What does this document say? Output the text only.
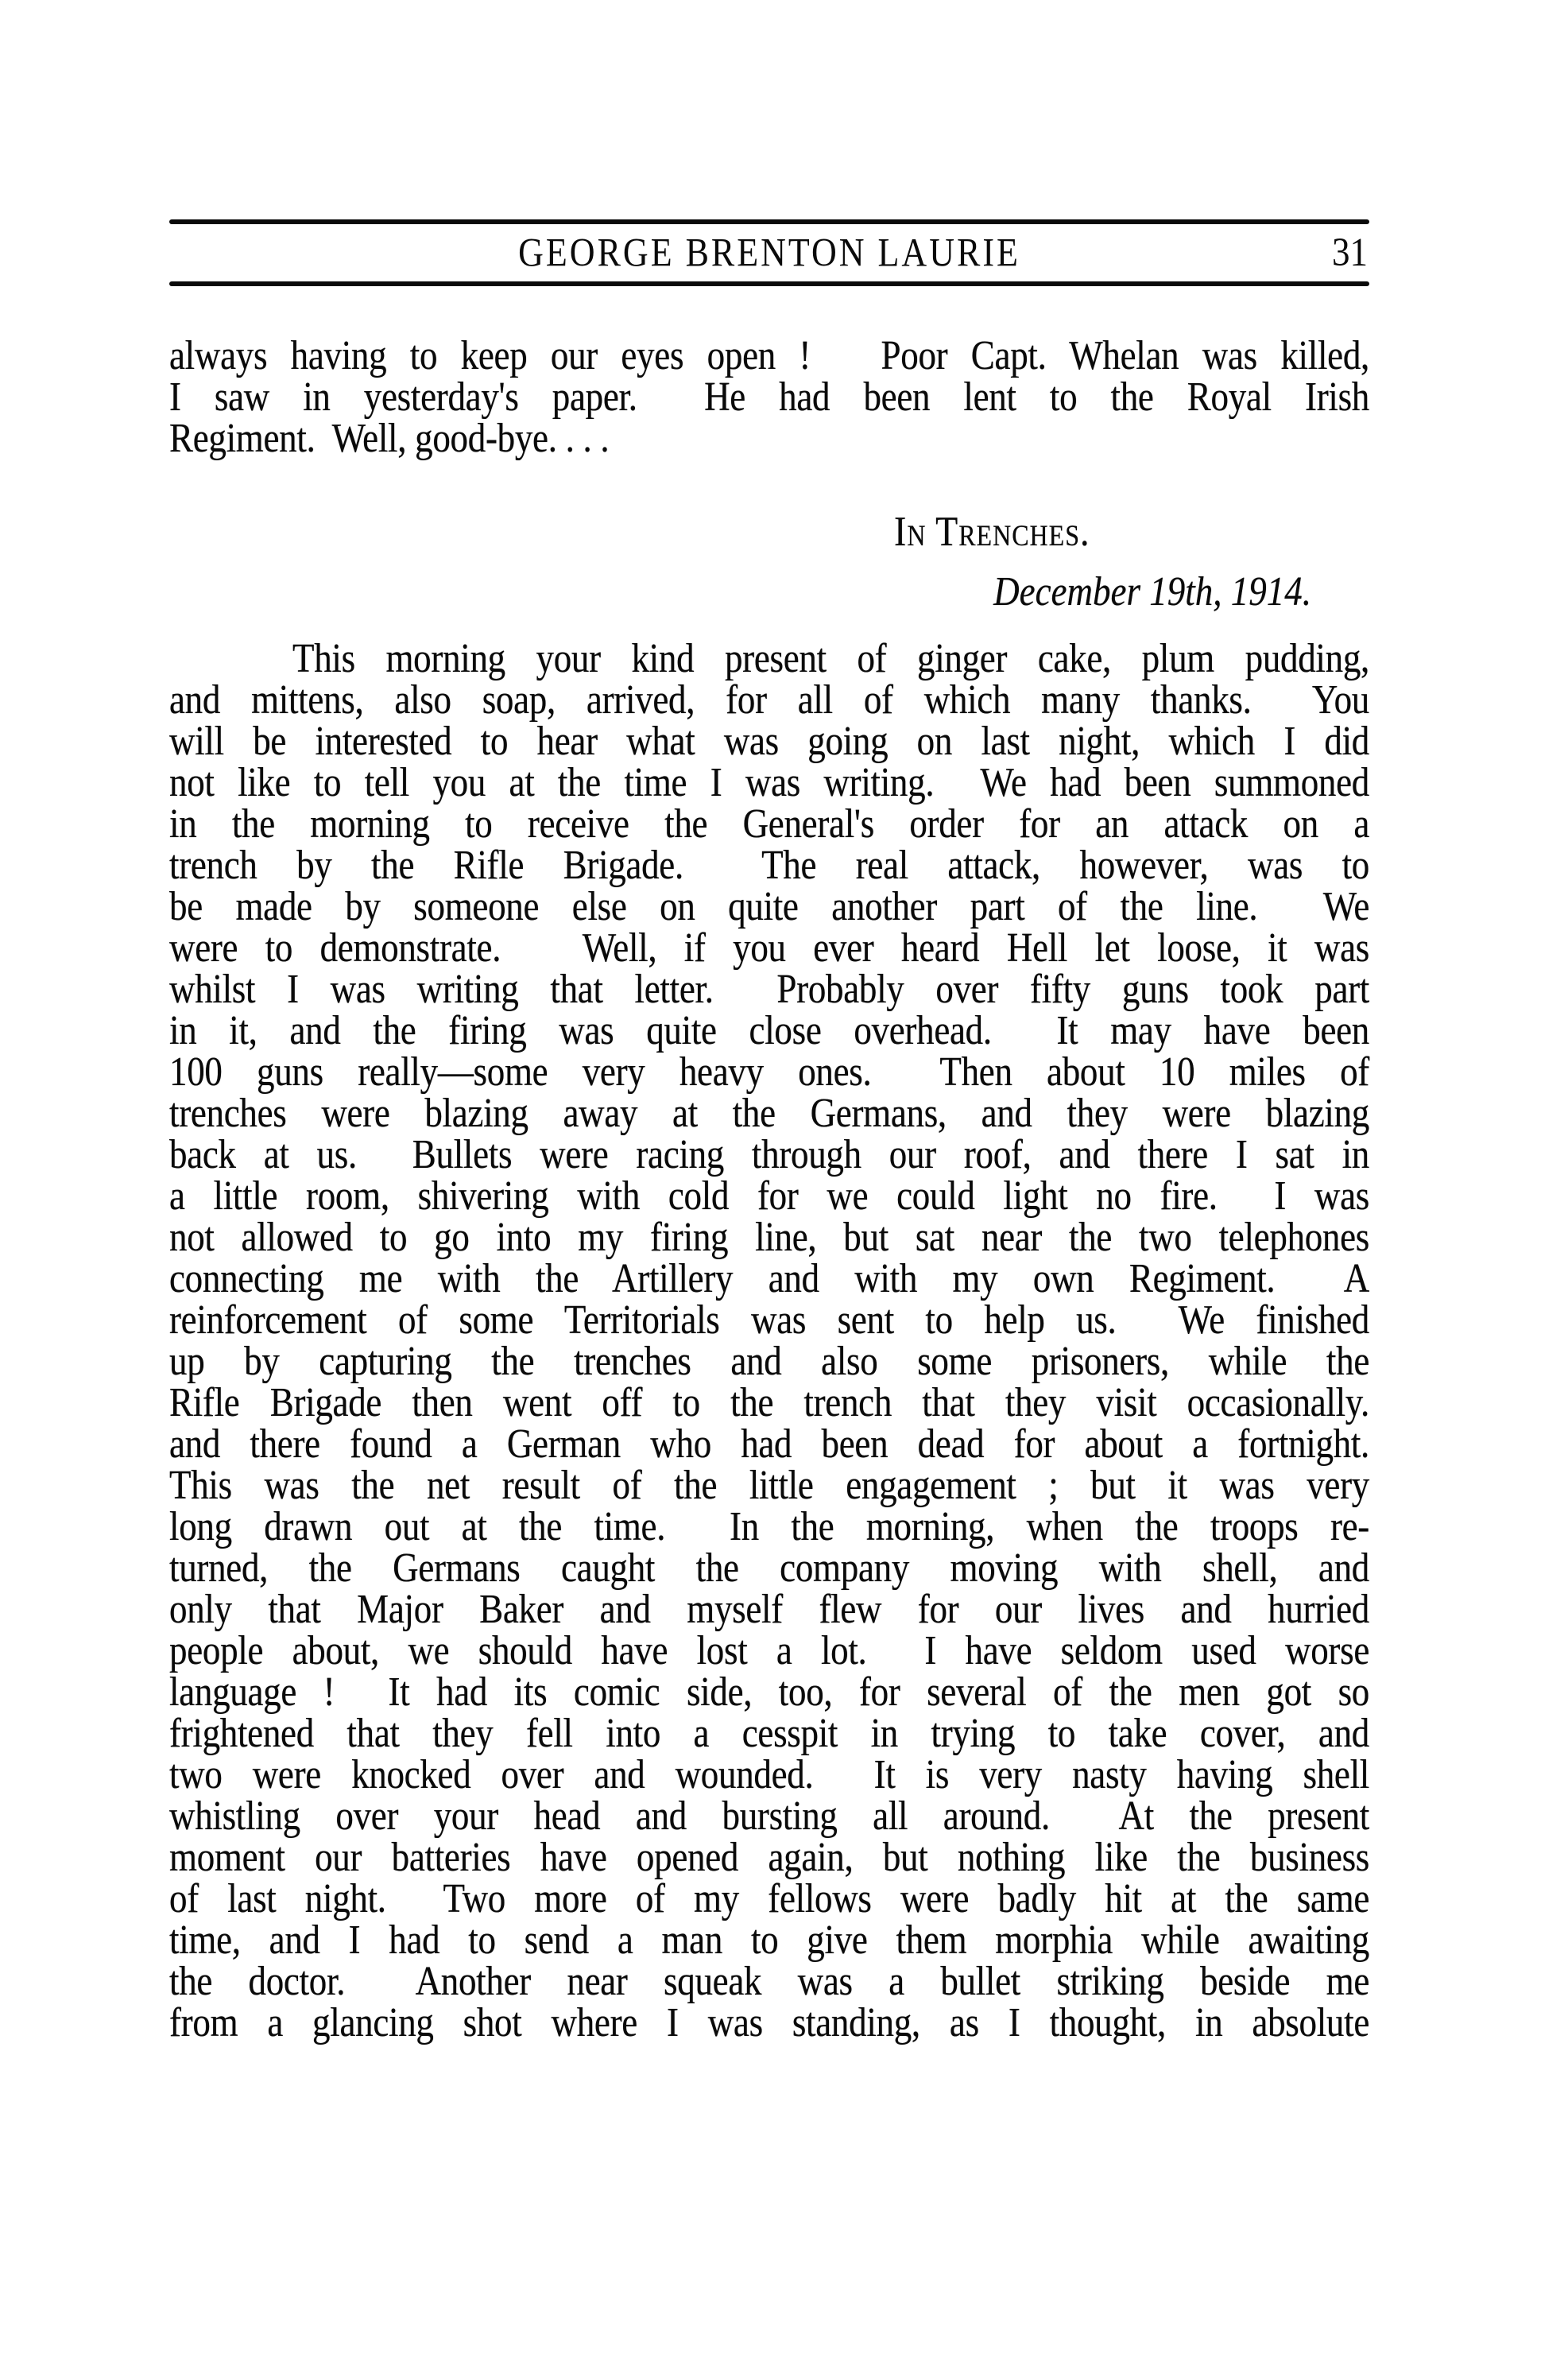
GEORGE BRENTON LAURIE	31
always having to keep our eyes open !   Poor Capt. Whelan was killed,
I saw in yesterday's paper.  He had been lent to the Royal Irish
Regiment.  Well, good-bye. . . .
In Trenches.
December 19th, 1914.
This morning your kind present of ginger cake, plum pudding,
and mittens, also soap, arrived, for all of which many thanks.  You
will be interested to hear what was going on last night, which I did
not like to tell you at the time I was writing.  We had been summoned
in the morning to receive the General's order for an attack on a
trench by the Rifle Brigade.  The real attack, however, was to
be made by someone else on quite another part of the line.  We
were to demonstrate.   Well, if you ever heard Hell let loose, it was
whilst I was writing that letter.  Probably over fifty guns took part
in it, and the firing was quite close overhead.  It may have been
100 guns really—some very heavy ones.  Then about 10 miles of
trenches were blazing away at the Germans, and they were blazing
back at us.  Bullets were racing through our roof, and there I sat in
a little room, shivering with cold for we could light no fire.  I was
not allowed to go into my firing line, but sat near the two telephones
connecting me with the Artillery and with my own Regiment.  A
reinforcement of some Territorials was sent to help us.  We finished
up by capturing the trenches and also some prisoners, while the
Rifle Brigade then went off to the trench that they visit occasionally.
and there found a German who had been dead for about a fortnight.
This was the net result of the little engagement ; but it was very
long drawn out at the time.  In the morning, when the troops re-
turned, the Germans caught the company moving with shell, and
only that Major Baker and myself flew for our lives and hurried
people about, we should have lost a lot.  I have seldom used worse
language !  It had its comic side, too, for several of the men got so
frightened that they fell into a cesspit in trying to take cover, and
two were knocked over and wounded.  It is very nasty having shell
whistling over your head and bursting all around.  At the present
moment our batteries have opened again, but nothing like the business
of last night.  Two more of my fellows were badly hit at the same
time, and I had to send a man to give them morphia while awaiting
the doctor.  Another near squeak was a bullet striking beside me
from a glancing shot where I was standing, as I thought, in absolute
